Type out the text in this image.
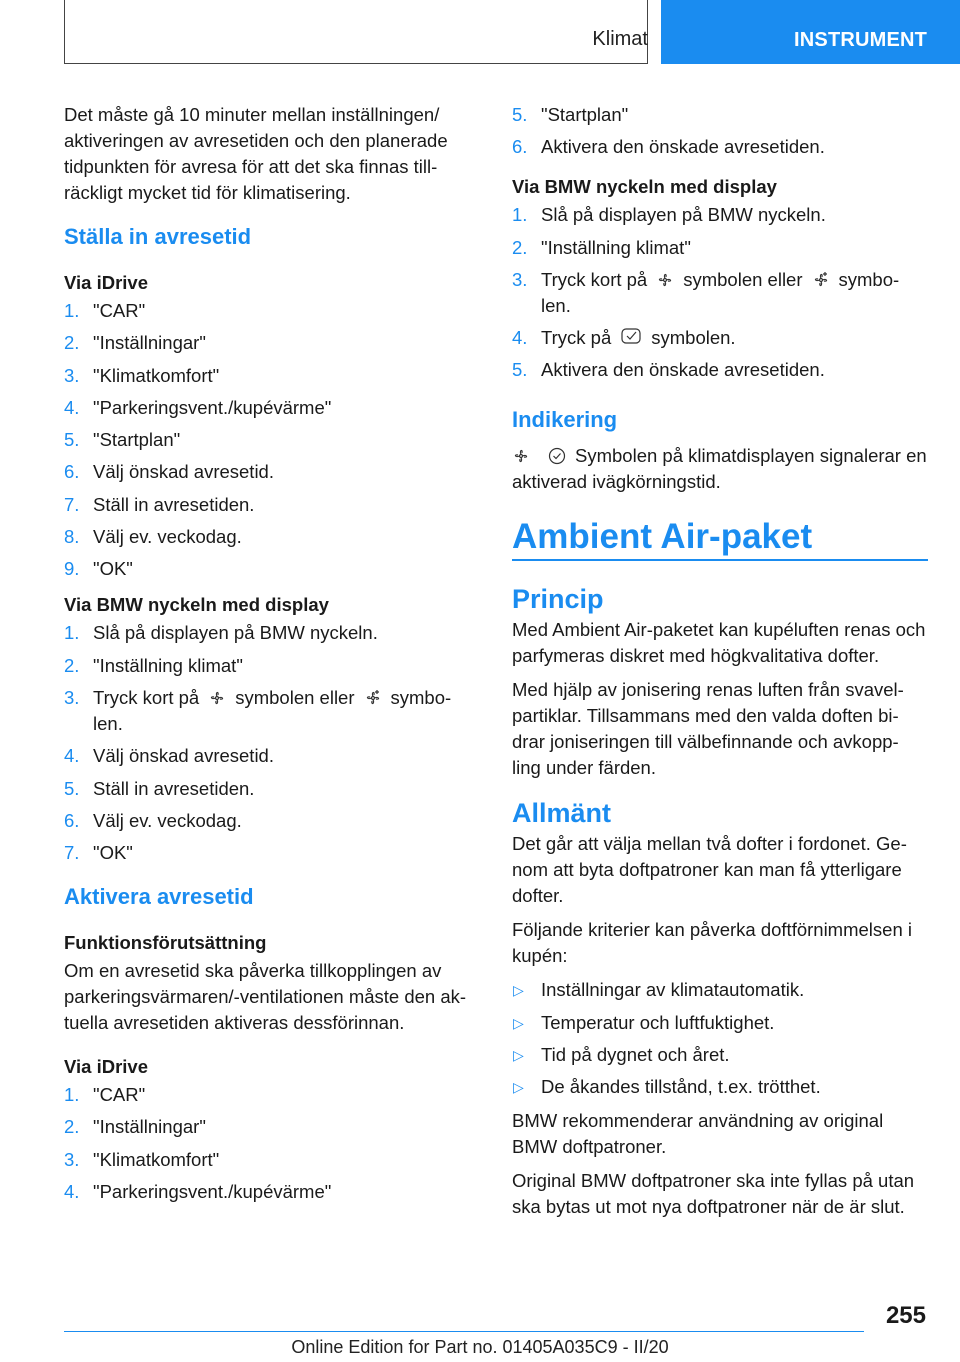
Klimat	INSTRUMENT

Det måste gå 10 minuter mellan inställningen/ aktiveringen av avresetiden och den planerade tidpunkten för avresa för att det ska finnas till- räckligt mycket tid för klimatisering.

Ställa in avresetid
Via iDrive
1. "CAR"
2. "Inställningar"
3. "Klimatkomfort"
4. "Parkeringsvent./kupévärme"
5. "Startplan"
6. Välj önskad avresetid.
7. Ställ in avresetiden.
8. Välj ev. veckodag.
9. "OK"
Via BMW nyckeln med display
1. Slå på displayen på BMW nyckeln.
2. "Inställning klimat"
3. Tryck kort på symbolen eller symbo- len.
4. Välj önskad avresetid.
5. Ställ in avresetiden.
6. Välj ev. veckodag.
7. "OK"
Aktivera avresetid
Funktionsförutsättning

Om en avresetid ska påverka tillkopplingen av parkeringsvärmaren/-ventilationen måste den ak- tuella avresetiden aktiveras dessförinnan.

Via iDrive
1. "CAR"
2. "Inställningar"
3. "Klimatkomfort"
4. "Parkeringsvent./kupévärme"
5. "Startplan"
6. Aktivera den önskade avresetiden.
Via BMW nyckeln med display
1. Slå på displayen på BMW nyckeln.
2. "Inställning klimat"
3. Tryck kort på symbolen eller symbo- len.
4. Tryck på symbolen.
5. Aktivera den önskade avresetiden.
Indikering

Symbolen på klimatdisplayen signalerar en aktiverad ivägkörningstid.

Ambient Air-paket
Princip

Med Ambient Air-paketet kan kupéluften renas och parfymeras diskret med högkvalitativa dofter.

Med hjälp av jonisering renas luften från svavel- partiklar. Tillsammans med den valda doften bi- drar joniseringen till välbefinnande och avkopp- ling under färden.

Allmänt

Det går att välja mellan två dofter i fordonet. Ge- nom att byta doftpatroner kan man få ytterligare dofter.

Följande kriterier kan påverka doftförnimmelsen i kupén:

▷ Inställningar av klimatautomatik.
▷ Temperatur och luftfuktighet.
▷ Tid på dygnet och året.
▷ De åkandes tillstånd, t.ex. trötthet.

BMW rekommenderar användning av original BMW doftpatroner.

Original BMW doftpatroner ska inte fyllas på utan ska bytas ut mot nya doftpatroner när de är slut.

255
Online Edition for Part no. 01405A035C9 - II/20
